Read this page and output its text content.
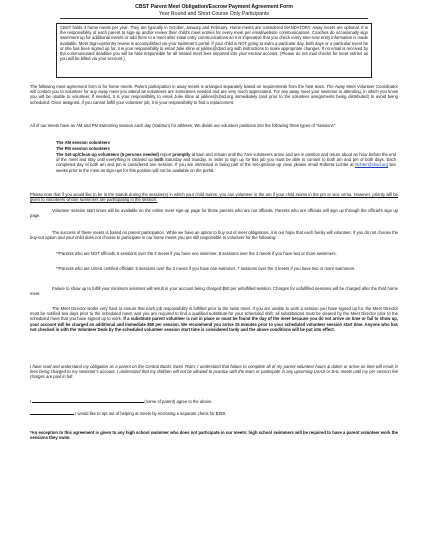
CBST Parent Meet Obligation/Escrow Payment Agreement Form
Year Round and Short Course Only Participants
CBST holds 3 home meets per year. They are typically in October, January and February. Home meets are considered MANDATORY. Away meets are optional. It is the responsibility of each parent to sign-up and/or review their child's meet entries for every meet per email/website communications. Coaches do occasionally sign swimmers up for additional events or add them to a meet after initial entry communications so it is imperative that you check every time-new entry information is made available. Meet Sign-ups/entry review is accomplished via your swimmer's portal. If your child is NOT going to swim a particular day, both days or a particular event he or she has been signed up for, it is your responsibility to email Julie Kline at jukline@cbsd.org with instructions to make appropriate changes. If no email is received by the communicated deadline you will be held responsible for all related meet fees imported into your escrow account. (Please do not mail checks for meet entries as you will be billed via your account.)
The following meet agreement form is for home meets. Parent participation in away meets is arranged separately based on requirements from the host team. The Away Meet Volunteer Coordinator will contact you to volunteer for any away meet you attend as volunteers are sometimes needed and are very much appreciated. For any away meet your swimmer is attending, in which you know you will be unable to volunteer, if needed, it is your responsibility to email Julie Kline at jukline@cbsd.org immediately (and prior to the volunteer assignments being distributed) to avoid being scheduled. Once assigned, if you cannot fulfill your volunteer job, it is your responsibility to find a replacement.
All of our meets have an AM and PM swimming session each day (Sat/Sun) for athletes. We divide our volunteer positions into the following three types of "sessions":
The AM session volunteers
The PM session volunteers
The Set-up/Clean-up volunteers (5 persons needed) report promptly at 5am and remain until the 7am volunteers arrive and are in position and return about an hour before the end of the meet and stay until everything is cleaned up both Saturday and Sunday. In order to sign up for this job you must be able to commit to both am and pm of both days. Each completed day of both am and pm is considered one session. If you are interested in being part of the set-up/clean-up crew, please email Roberta Lichter at rlichter@cbsd.org two weeks prior to the meet as sign-ups for this position will not be available on the portal.
Please note that if you would like to be in the stands during the session(s) in which your child swims, you can volunteer in the am if your child swims in the pm or vice versa. However, priority will be given to volunteers whose swimmers are participating in the session.
Volunteer session start times will be available on the online meet sign-up page for those parents who are not officials. Parents who are officials will sign up through the official's sign up page.
The success of these meets is based on parent participation. While we have an option to buy out of meet obligations, it is our hope that each family will volunteer. If you do not choose the buy-out option and your child does not choose to participate in our home meets you are still responsible to volunteer for the following:
**Parents who are NOT officials: 6 sessions over the 3 meets if you have one swimmer, 8 sessions over the 3 meets if you have two or more swimmers.
**Parents who are USAS certified officials: 5 sessions over the 3 meets if you have one swimmer, 7 sessions over the 3 meets if you have two or more swimmers.
Failure to show up to fulfill your minimum sessions will result in your account being charged $50 per unfulfilled session. Charges for unfulfilled sessions will be charged after the third home meet.
The Meet Director works very hard to ensure that each job responsibility is fulfilled prior to the swim meet. If you are unable to work a session you have signed up for, the Meet Director must be notified two days prior to the scheduled meet, and you are required to find a qualified substitute for your scheduled shift; all substitutions must be cleared by the Meet Director prior to the scheduled meet that you have signed up to work. If a substitute parent volunteer is not in place or must be found the day of the meet because you do not arrive on time or fail to show up, your account will be charged an additional and immediate $50 per session. We recommend you arrive 15 minutes prior to your scheduled volunteer session start time. Anyone who has not checked in with the Volunteer Desk by the scheduled volunteer session start time is considered tardy and the above conditions will be put into effect.
I have read and understand my obligation as a parent on the Central Bucks Swim Team; I understand that failure to complete all of my parent volunteer hours & duties or arrive on time will result in fees being charged to my swimmer's account. I understand that my children will not be allowed to practice with the team or participate in any upcoming USAS or SAL meets until my per session fee charges are paid in full.
I	(name of parent) agree to the above.
I would like to opt out of helping at meets by enclosing a separate check for $350.
*An exception to this agreement is given to any high school swimmer who does not participate in our meets: high school swimmers will be required to have a parent volunteer work the sessions they swim.
